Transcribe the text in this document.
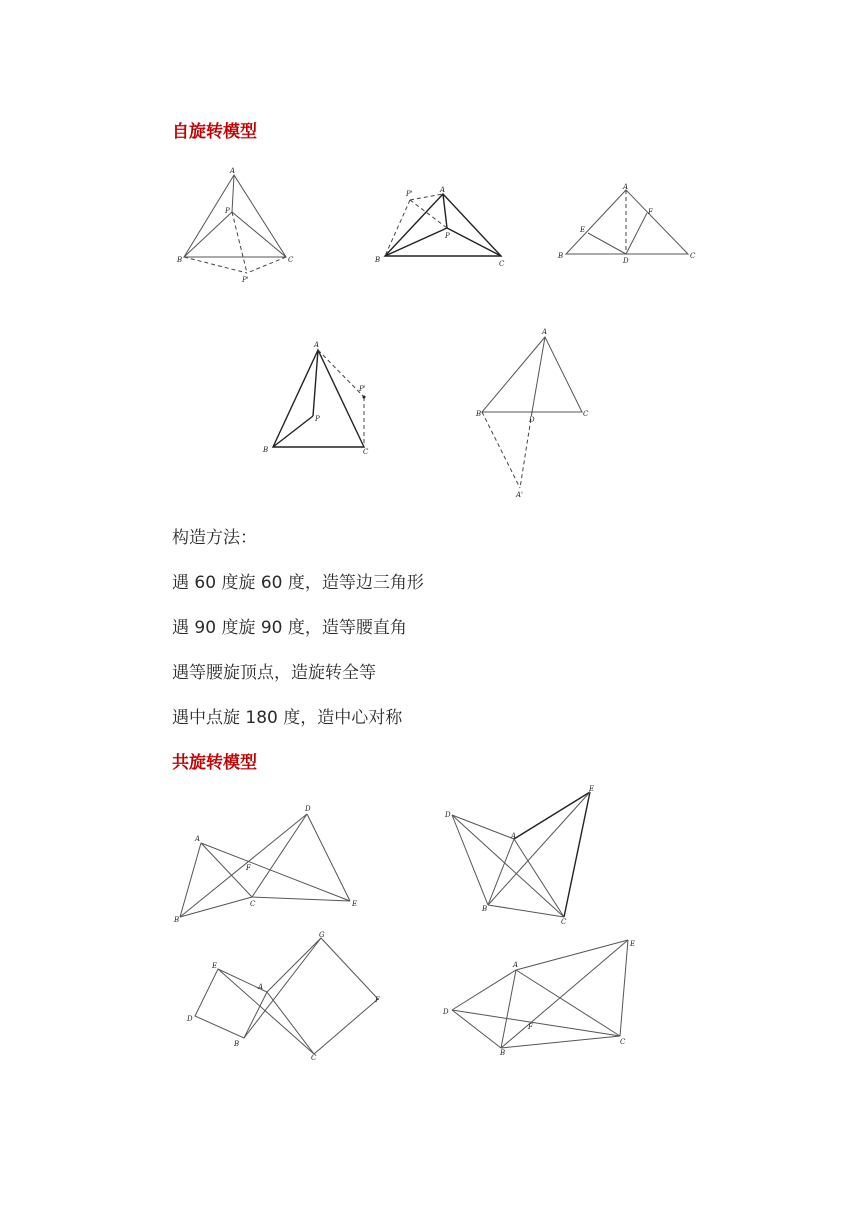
自旋转模型
A
P
B	C
P'
P'	A
P
B	C
A
F
E
B
D
C
A
P'
P
B	C
A
B
D
C
A'

构造方法：

遇 60 度旋 60 度，造等边三角形

遇 90 度旋 90 度，造等腰直角

遇等腰旋顶点，造旋转全等

遇中点旋 180 度，造中心对称

共旋转模型
D
A
F
C
B
E
E
D
A
B
C
G
E
A
D
B
C
F
E
A
D
F
B
C
